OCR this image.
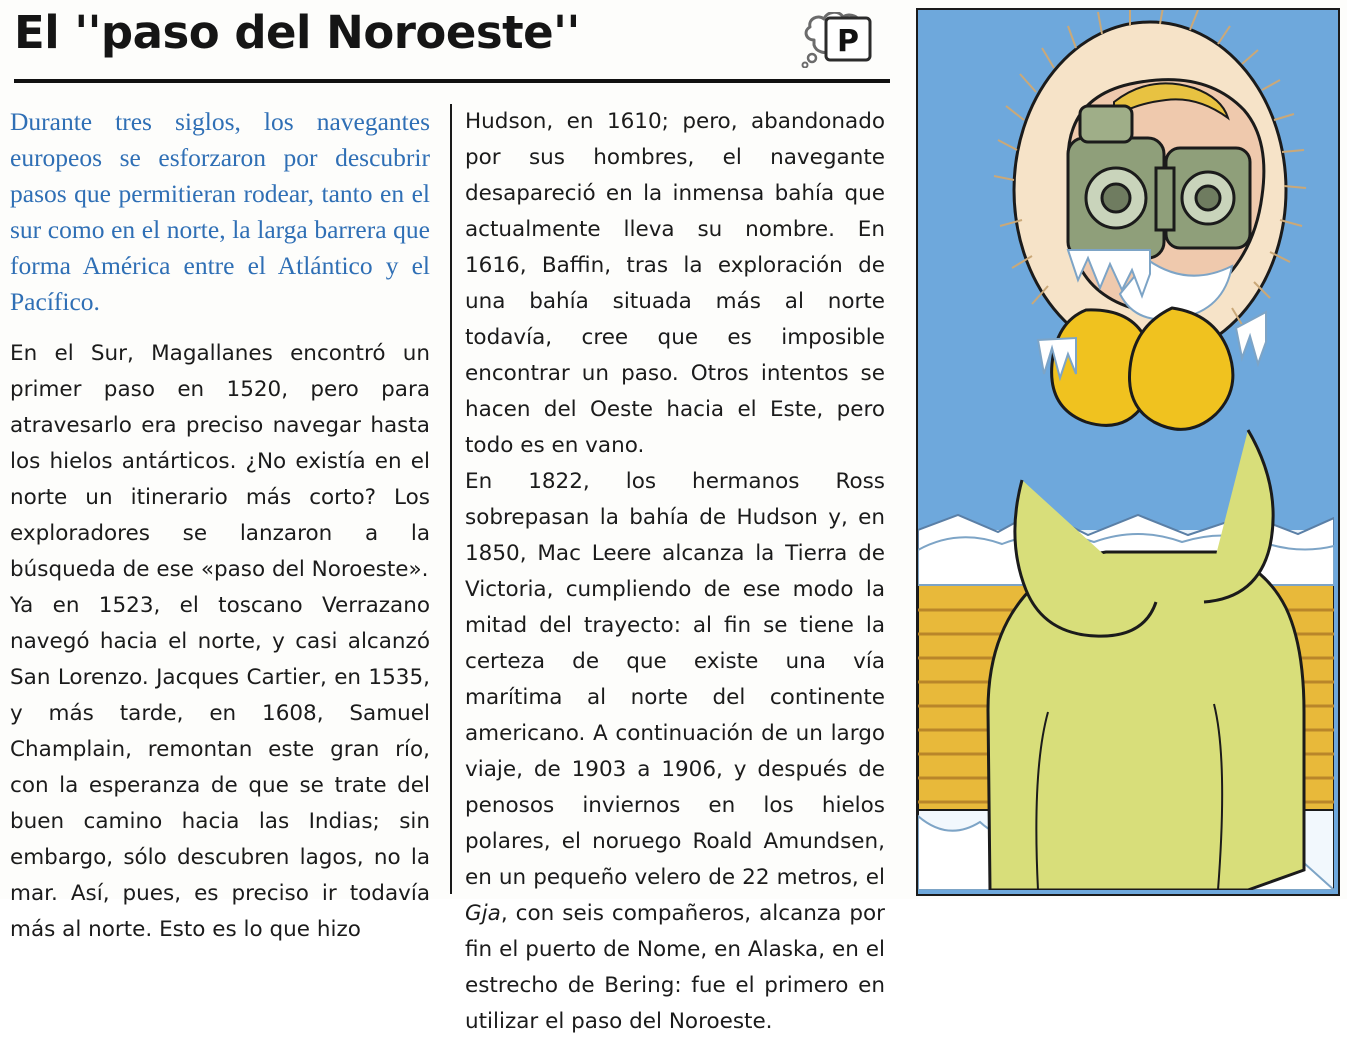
El ''paso del Noroeste''	P

Durante tres siglos, los navegantes europeos se esforzaron por descubrir pasos que permitieran rodear, tanto en el sur como en el norte, la larga barrera que forma América entre el Atlántico y el Pacífico.

En el Sur, Magallanes encontró un primer paso en 1520, pero para atravesarlo era preciso navegar hasta los hielos antárticos. ¿No existía en el norte un itinerario más corto? Los exploradores se lanzaron a la búsqueda de ese «paso del Noroeste».

Ya en 1523, el toscano Verrazano navegó hacia el norte, y casi alcanzó San Lorenzo. Jacques Cartier, en 1535, y más tarde, en 1608, Samuel Champlain, remontan este gran río, con la esperanza de que se trate del buen camino hacia las Indias; sin embargo, sólo descubren lagos, no la mar. Así, pues, es preciso ir todavía más al norte. Esto es lo que hizo

Hudson, en 1610; pero, abandonado por sus hombres, el navegante desapareció en la inmensa bahía que actualmente lleva su nombre. En 1616, Baffin, tras la exploración de una bahía situada más al norte todavía, cree que es imposible encontrar un paso. Otros intentos se hacen del Oeste hacia el Este, pero todo es en vano.

En 1822, los hermanos Ross sobrepasan la bahía de Hudson y, en 1850, Mac Leere alcanza la Tierra de Victoria, cumpliendo de ese modo la mitad del trayecto: al fin se tiene la certeza de que existe una vía marítima al norte del continente americano. A continuación de un largo viaje, de 1903 a 1906, y después de penosos inviernos en los hielos polares, el noruego Roald Amundsen, en un pequeño velero de 22 metros, el Gja, con seis compañeros, alcanza por fin el puerto de Nome, en Alaska, en el estrecho de Bering: fue el primero en utilizar el paso del Noroeste.
